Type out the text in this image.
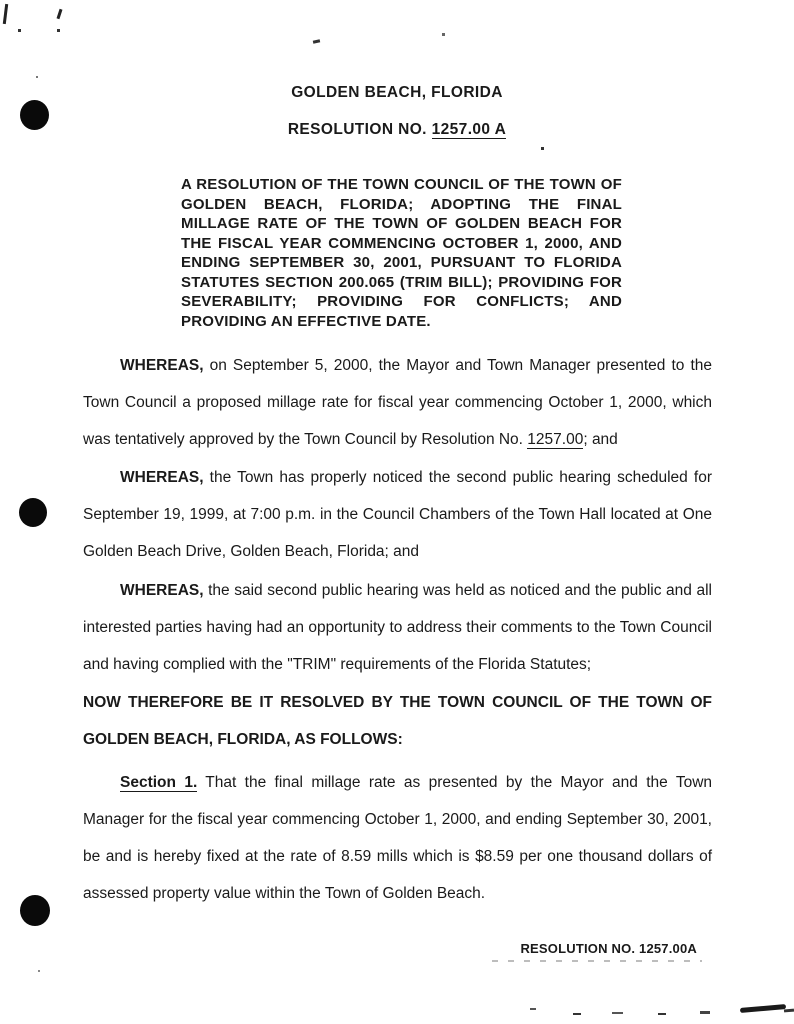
GOLDEN BEACH, FLORIDA
RESOLUTION NO. 1257.00 A
A RESOLUTION OF THE TOWN COUNCIL OF THE TOWN OF GOLDEN BEACH, FLORIDA; ADOPTING THE FINAL MILLAGE RATE OF THE TOWN OF GOLDEN BEACH FOR THE FISCAL YEAR COMMENCING OCTOBER 1, 2000, AND ENDING SEPTEMBER 30, 2001, PURSUANT TO FLORIDA STATUTES SECTION 200.065 (TRIM BILL); PROVIDING FOR SEVERABILITY; PROVIDING FOR CONFLICTS; AND PROVIDING AN EFFECTIVE DATE.

WHEREAS, on September 5, 2000, the Mayor and Town Manager presented to the Town Council a proposed millage rate for fiscal year commencing October 1, 2000, which was tentatively approved by the Town Council by Resolution No. 1257.00; and

WHEREAS, the Town has properly noticed the second public hearing scheduled for September 19, 1999, at 7:00 p.m. in the Council Chambers of the Town Hall located at One Golden Beach Drive, Golden Beach, Florida; and

WHEREAS, the said second public hearing was held as noticed and the public and all interested parties having had an opportunity to address their comments to the Town Council and having complied with the "TRIM" requirements of the Florida Statutes;

NOW THEREFORE BE IT RESOLVED BY THE TOWN COUNCIL OF THE TOWN OF GOLDEN BEACH, FLORIDA, AS FOLLOWS:

Section 1. That the final millage rate as presented by the Mayor and the Town Manager for the fiscal year commencing October 1, 2000, and ending September 30, 2001, be and is hereby fixed at the rate of 8.59 mills which is $8.59 per one thousand dollars of assessed property value within the Town of Golden Beach.

RESOLUTION NO. 1257.00A
